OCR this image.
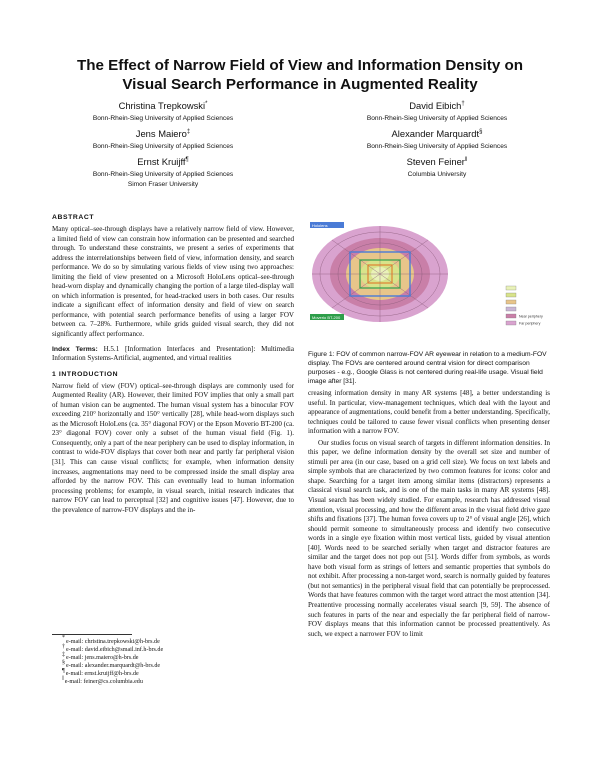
The Effect of Narrow Field of View and Information Density on Visual Search Performance in Augmented Reality
Christina Trepkowski*
Bonn-Rhein-Sieg University of Applied Sciences
Jens Maiero‡
Bonn-Rhein-Sieg University of Applied Sciences
Ernst Kruijff¶
Bonn-Rhein-Sieg University of Applied Sciences
Simon Fraser University
David Eibich†
Bonn-Rhein-Sieg University of Applied Sciences
Alexander Marquardt§
Bonn-Rhein-Sieg University of Applied Sciences
Steven Feiner‖
Columbia University
ABSTRACT

Many optical–see-through displays have a relatively narrow field of view. However, a limited field of view can constrain how information can be presented and searched through. To understand these constraints, we present a series of experiments that address the interrelationships between field of view, information density, and search performance. We do so by simulating various fields of view using two approaches: limiting the field of view presented on a Microsoft HoloLens optical–see-through head-worn display and dynamically changing the portion of a large tiled-display wall on which information is presented, for head-tracked users in both cases. Our results indicate a significant effect of information density and field of view on search performance, with potential search performance benefits of using a larger FOV between ca. 7–28%. Furthermore, while grids guided visual search, they did not significantly affect performance.

Index Terms: H.5.1 [Information Interfaces and Presentation]: Multimedia Information Systems-Artificial, augmented, and virtual realities

1 INTRODUCTION

Narrow field of view (FOV) optical–see-through displays are commonly used for Augmented Reality (AR). However, their limited FOV implies that only a small part of human vision can be augmented. The human visual system has a binocular FOV exceeding 210° horizontally and 150° vertically [28], while head-worn displays such as the Microsoft HoloLens (ca. 35° diagonal FOV) or the Epson Moverio BT-200 (ca. 23° diagonal FOV) cover only a subset of the human visual field (Fig. 1). Consequently, only a part of the near periphery can be used to display information, in contrast to wide-FOV displays that cover both near and partly far peripheral vision [31]. This can cause visual conflicts; for example, when information density increases, augmentations may need to be compressed inside the small display area afforded by the narrow FOV. This can eventually lead to human information processing problems; for example, in visual search, initial research indicates that narrow FOV can lead to perceptual [32] and cognitive issues [47]. However, due to the prevalence of narrow-FOV displays and the in-

*e-mail: christina.trepkowski@h-brs.de
†e-mail: david.eibich@smail.inf.h-brs.de
‡e-mail: jens.maiero@h-brs.de
§e-mail: alexander.marquardt@h-brs.de
¶e-mail: ernst.kruijff@h-brs.de
‖e-mail: feiner@cs.columbia.edu
Hololens
Moverio BT-200	Near periphery
Far periphery
Figure 1: FOV of common narrow-FOV AR eyewear in relation to a medium-FOV display. The FOVs are centered around central vision for direct comparison purposes - e.g., Google Glass is not centered during real-life usage. Visual field image after [31].

creasing information density in many AR systems [48], a better understanding is useful. In particular, view-management techniques, which deal with the layout and appearance of augmentations, could benefit from a better understanding. Specifically, techniques could be tailored to cause fewer visual conflicts when presenting denser information with a narrow FOV.

Our studies focus on visual search of targets in different information densities. In this paper, we define information density by the overall set size and number of stimuli per area (in our case, based on a grid cell size). We focus on text labels and simple symbols that are characterized by two common features for icons: color and shape. Searching for a target item among similar items (distractors) represents a classical visual search task, and is one of the main tasks in many AR systems [48]. Visual search has been widely studied. For example, research has addressed visual attention, visual processing, and how the different areas in the visual field drive gaze shifts and fixations [37]. The human fovea covers up to 2° of visual angle [26], which should permit someone to simultaneously process and identify two consecutive words in a single eye fixation within most vertical lists, guided by visual attention [40]. Words need to be searched serially when target and distractor features are similar and the target does not pop out [51]. Words differ from symbols, as words have both visual form as strings of letters and semantic properties that symbols do not exhibit. After processing a non-target word, search is normally guided by features (but not semantics) in the peripheral visual field that can potentially be preprocessed. Words that have features common with the target word attract the most attention [34]. Preattentive processing normally accelerates visual search [9, 59]. The absence of such features in parts of the near and especially the far peripheral field of narrow-FOV displays means that this information cannot be processed preattentively. As such, we expect a narrower FOV to limit
